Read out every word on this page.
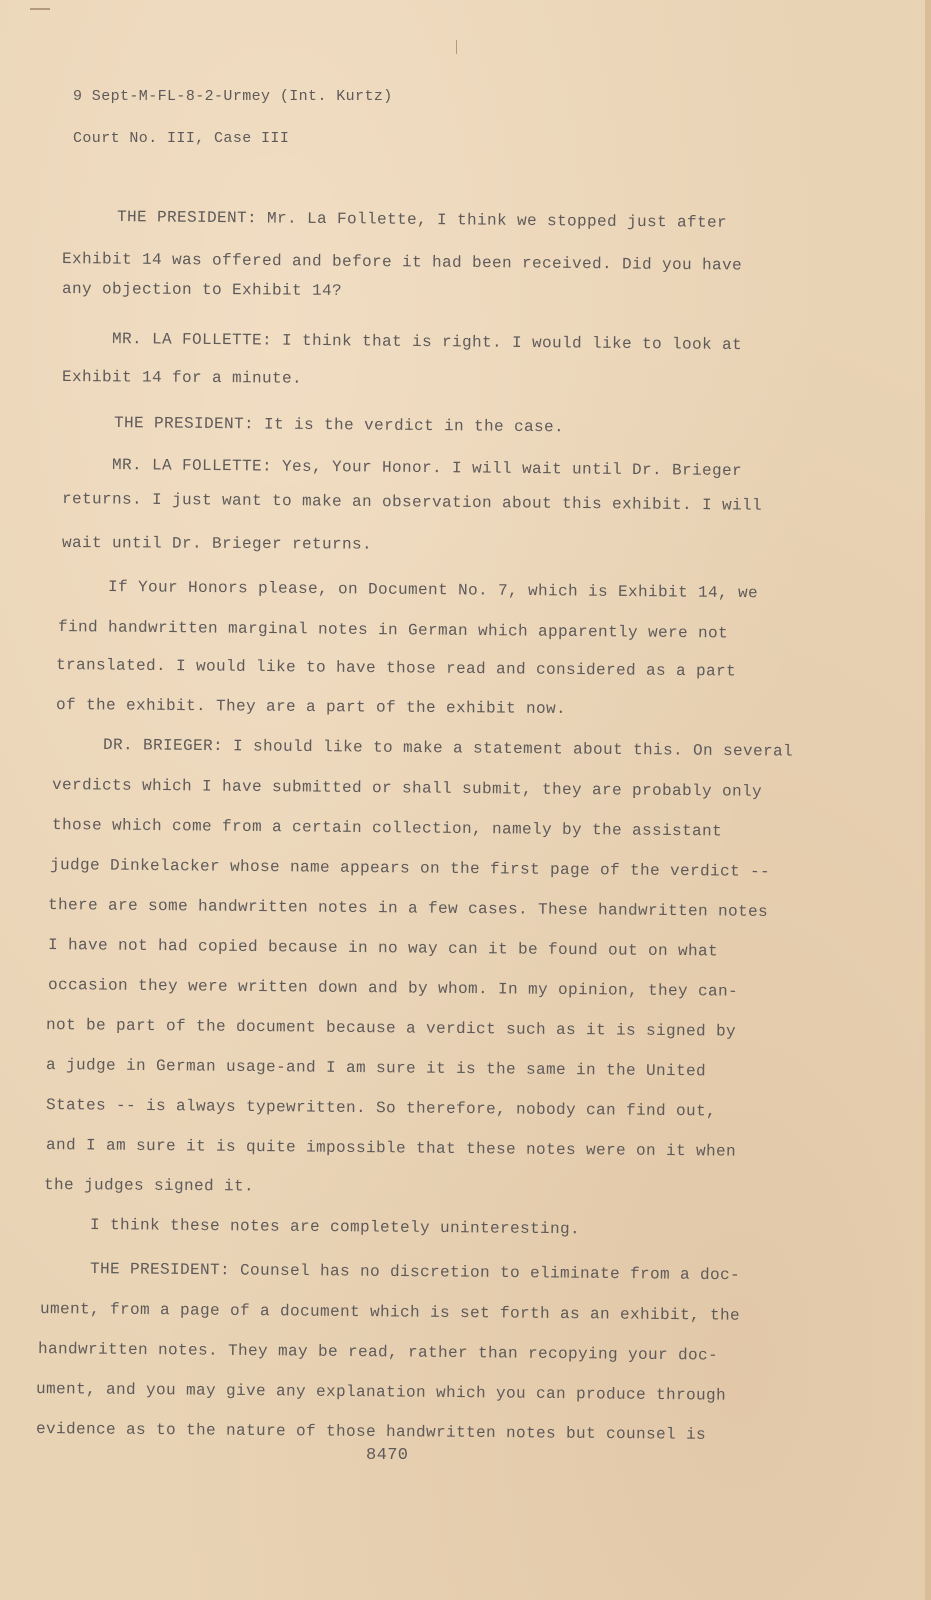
9 Sept-M-FL-8-2-Urmey (Int. Kurtz)

Court No. III, Case III

THE PRESIDENT: Mr. La Follette, I think we stopped just after

Exhibit 14 was offered and before it had been received. Did you have

any objection to Exhibit 14?

MR. LA FOLLETTE: I think that is right. I would like to look at

Exhibit 14 for a minute.

THE PRESIDENT: It is the verdict in the case.

MR. LA FOLLETTE: Yes, Your Honor. I will wait until Dr. Brieger

returns. I just want to make an observation about this exhibit. I will

wait until Dr. Brieger returns.

If Your Honors please, on Document No. 7, which is Exhibit 14, we

find handwritten marginal notes in German which apparently were not

translated. I would like to have those read and considered as a part

of the exhibit. They are a part of the exhibit now.

DR. BRIEGER: I should like to make a statement about this. On several

verdicts which I have submitted or shall submit, they are probably only

those which come from a certain collection, namely by the assistant

judge Dinkelacker whose name appears on the first page of the verdict --

there are some handwritten notes in a few cases. These handwritten notes

I have not had copied because in no way can it be found out on what

occasion they were written down and by whom. In my opinion, they can-

not be part of the document because a verdict such as it is signed by

a judge in German usage-and I am sure it is the same in the United

States -- is always typewritten. So therefore, nobody can find out,

and I am sure it is quite impossible that these notes were on it when

the judges signed it.

I think these notes are completely uninteresting.

THE PRESIDENT: Counsel has no discretion to eliminate from a doc-

ument, from a page of a document which is set forth as an exhibit, the

handwritten notes. They may be read, rather than recopying your doc-

ument, and you may give any explanation which you can produce through

evidence as to the nature of those handwritten notes but counsel is

8470
